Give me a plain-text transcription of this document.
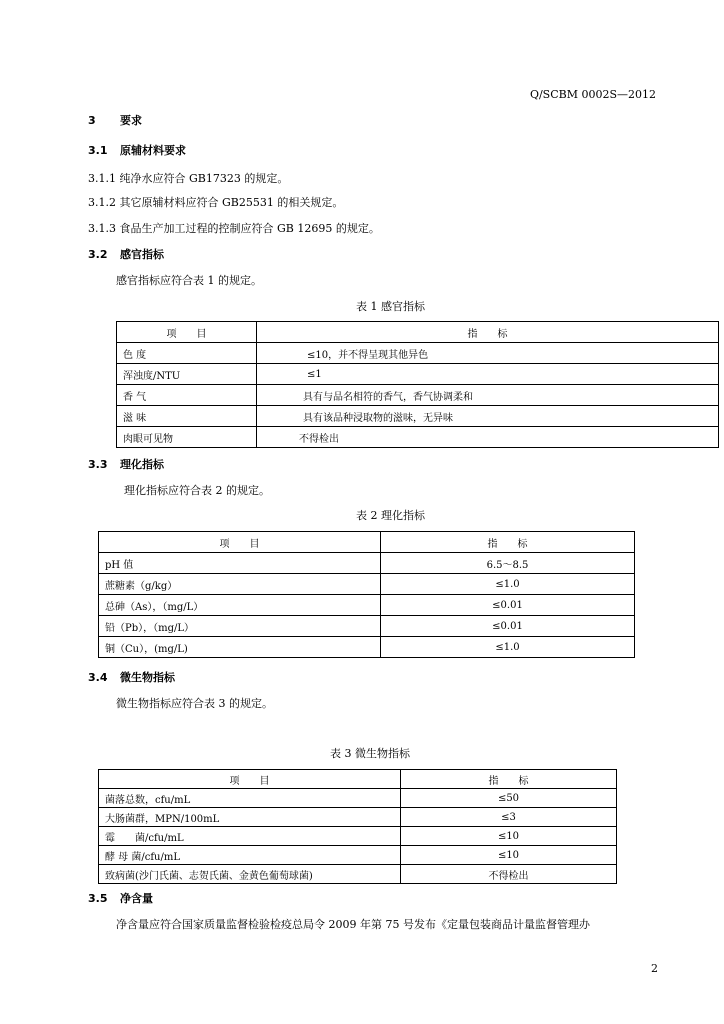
Q/SCBM 0002S—2012
3 要求
3.1 原辅材料要求
3.1.1 纯净水应符合 GB17323 的规定。
3.1.2 其它原辅材料应符合 GB25531 的相关规定。
3.1.3 食品生产加工过程的控制应符合 GB 12695 的规定。
3.2 感官指标
感官指标应符合表 1 的规定。
表 1 感官指标
项　　目	指　　标
色 度	≤10，并不得呈现其他异色
浑浊度/NTU	≤1
香 气	具有与品名相符的香气，香气协调柔和
滋 味	具有该品种浸取物的滋味，无异味
肉眼可见物	不得检出
3.3 理化指标
理化指标应符合表 2 的规定。
表 2 理化指标
项　　目	指　　标
pH 值	6.5～8.5
蔗糖素（g/kg）	≤1.0
总砷（As），（mg/L）	≤0.01
铅（Pb），（mg/L）	≤0.01
铜（Cu），(mg/L)	≤1.0
3.4 微生物指标
微生物指标应符合表 3 的规定。
表 3 微生物指标
项　　目	指　　标
菌落总数，cfu/mL	≤50
大肠菌群，MPN/100mL	≤3
霉　　菌/cfu/mL	≤10
酵 母 菌/cfu/mL	≤10
致病菌(沙门氏菌、志贺氏菌、金黄色葡萄球菌)	不得检出
3.5 净含量
净含量应符合国家质量监督检验检疫总局令 2009 年第 75 号发布《定量包装商品计量监督管理办
2
